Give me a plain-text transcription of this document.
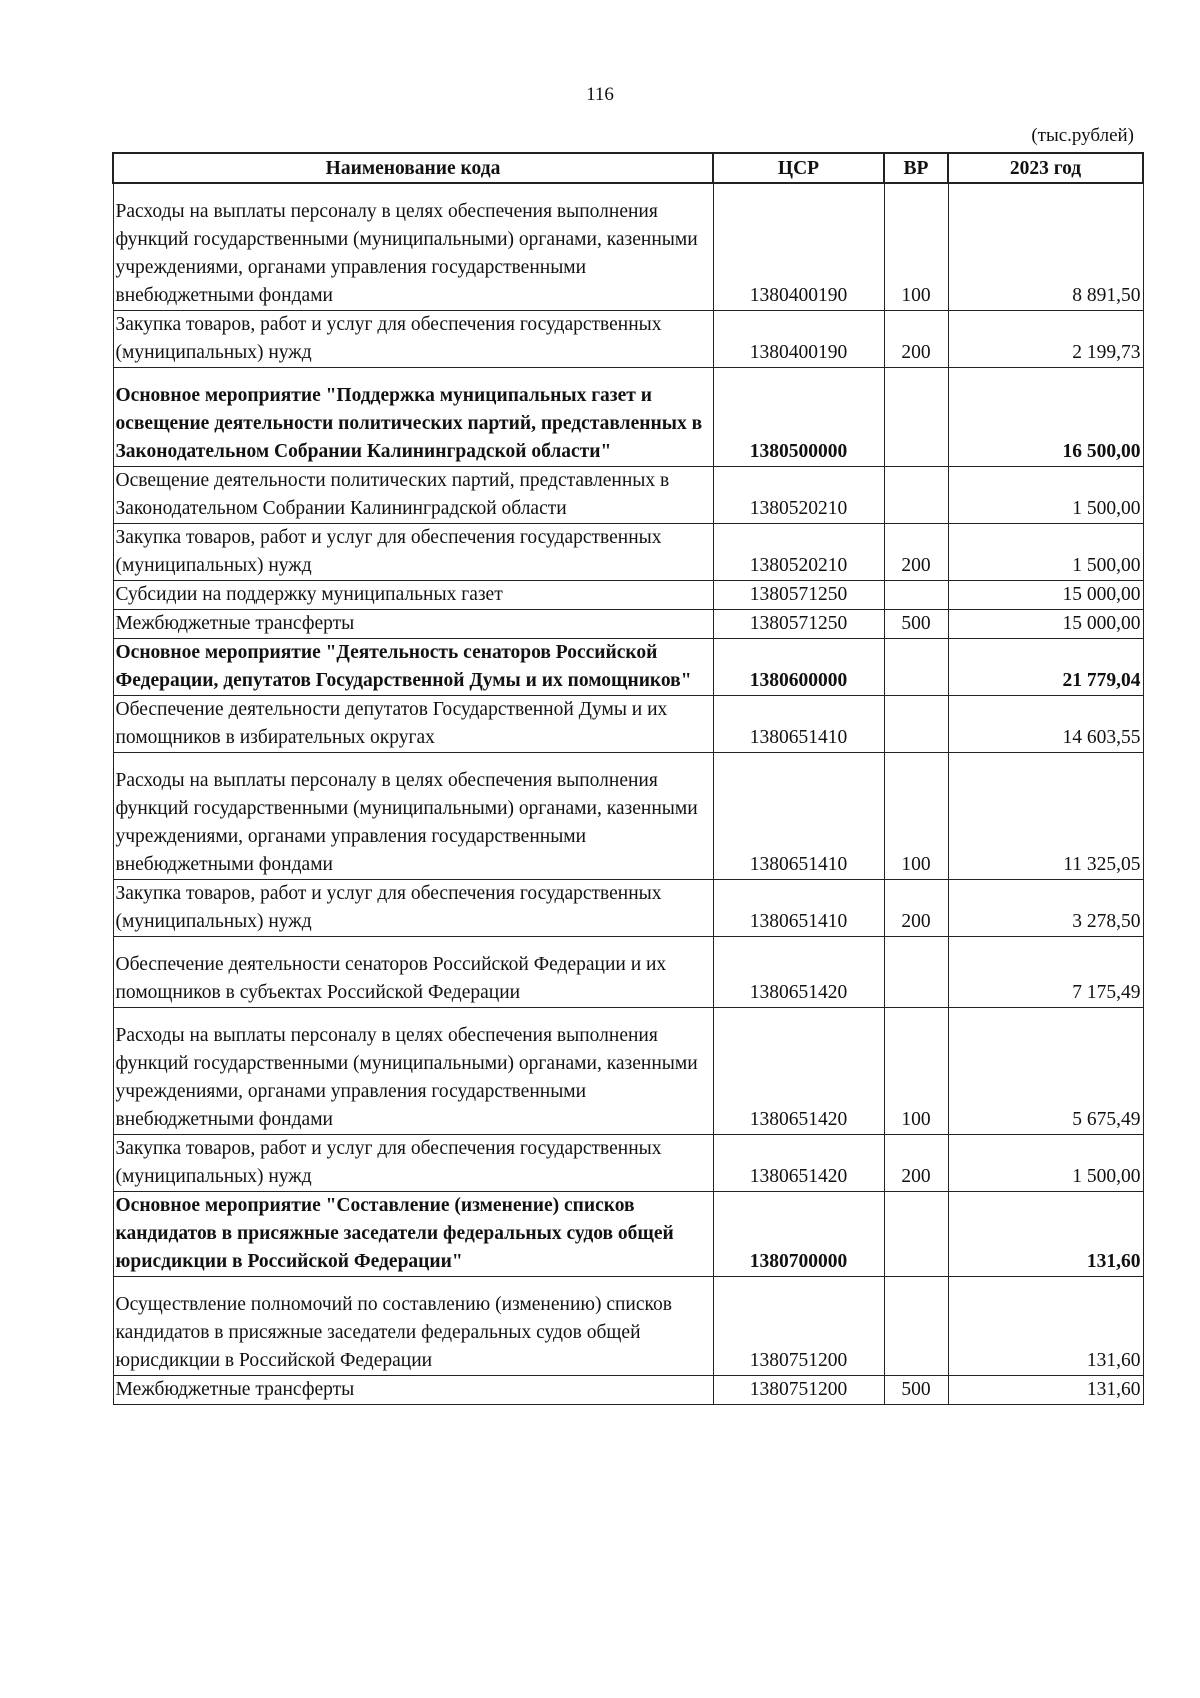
116
(тыс.рублей)
Наименование кода	ЦСР	ВР	2023 год
Расходы на выплаты персоналу в целях обеспечения выполнения функций государственными (муниципальными) органами, казенными учреждениями, органами управления государственными внебюджетными фондами	1380400190	100	8 891,50
Закупка товаров, работ и услуг для обеспечения государственных (муниципальных) нужд	1380400190	200	2 199,73
Основное мероприятие "Поддержка муниципальных газет и освещение деятельности политических партий, представленных в Законодательном Собрании Калининградской области"	1380500000		16 500,00
Освещение деятельности политических партий, представленных в Законодательном Собрании Калининградской области	1380520210		1 500,00
Закупка товаров, работ и услуг для обеспечения государственных (муниципальных) нужд	1380520210	200	1 500,00
Субсидии на поддержку муниципальных газет	1380571250		15 000,00
Межбюджетные трансферты	1380571250	500	15 000,00
Основное мероприятие "Деятельность сенаторов Российской Федерации, депутатов Государственной Думы и их помощников"	1380600000		21 779,04
Обеспечение деятельности депутатов Государственной Думы и их помощников в избирательных округах	1380651410		14 603,55
Расходы на выплаты персоналу в целях обеспечения выполнения функций государственными (муниципальными) органами, казенными учреждениями, органами управления государственными внебюджетными фондами	1380651410	100	11 325,05
Закупка товаров, работ и услуг для обеспечения государственных (муниципальных) нужд	1380651410	200	3 278,50
Обеспечение деятельности сенаторов Российской Федерации и их помощников в субъектах Российской Федерации	1380651420		7 175,49
Расходы на выплаты персоналу в целях обеспечения выполнения функций государственными (муниципальными) органами, казенными учреждениями, органами управления государственными внебюджетными фондами	1380651420	100	5 675,49
Закупка товаров, работ и услуг для обеспечения государственных (муниципальных) нужд	1380651420	200	1 500,00
Основное мероприятие "Составление (изменение) списков кандидатов в присяжные заседатели федеральных судов общей юрисдикции в Российской Федерации"	1380700000		131,60
Осуществление полномочий по составлению (изменению) списков кандидатов в присяжные заседатели федеральных судов общей юрисдикции в Российской Федерации	1380751200		131,60
Межбюджетные трансферты	1380751200	500	131,60
